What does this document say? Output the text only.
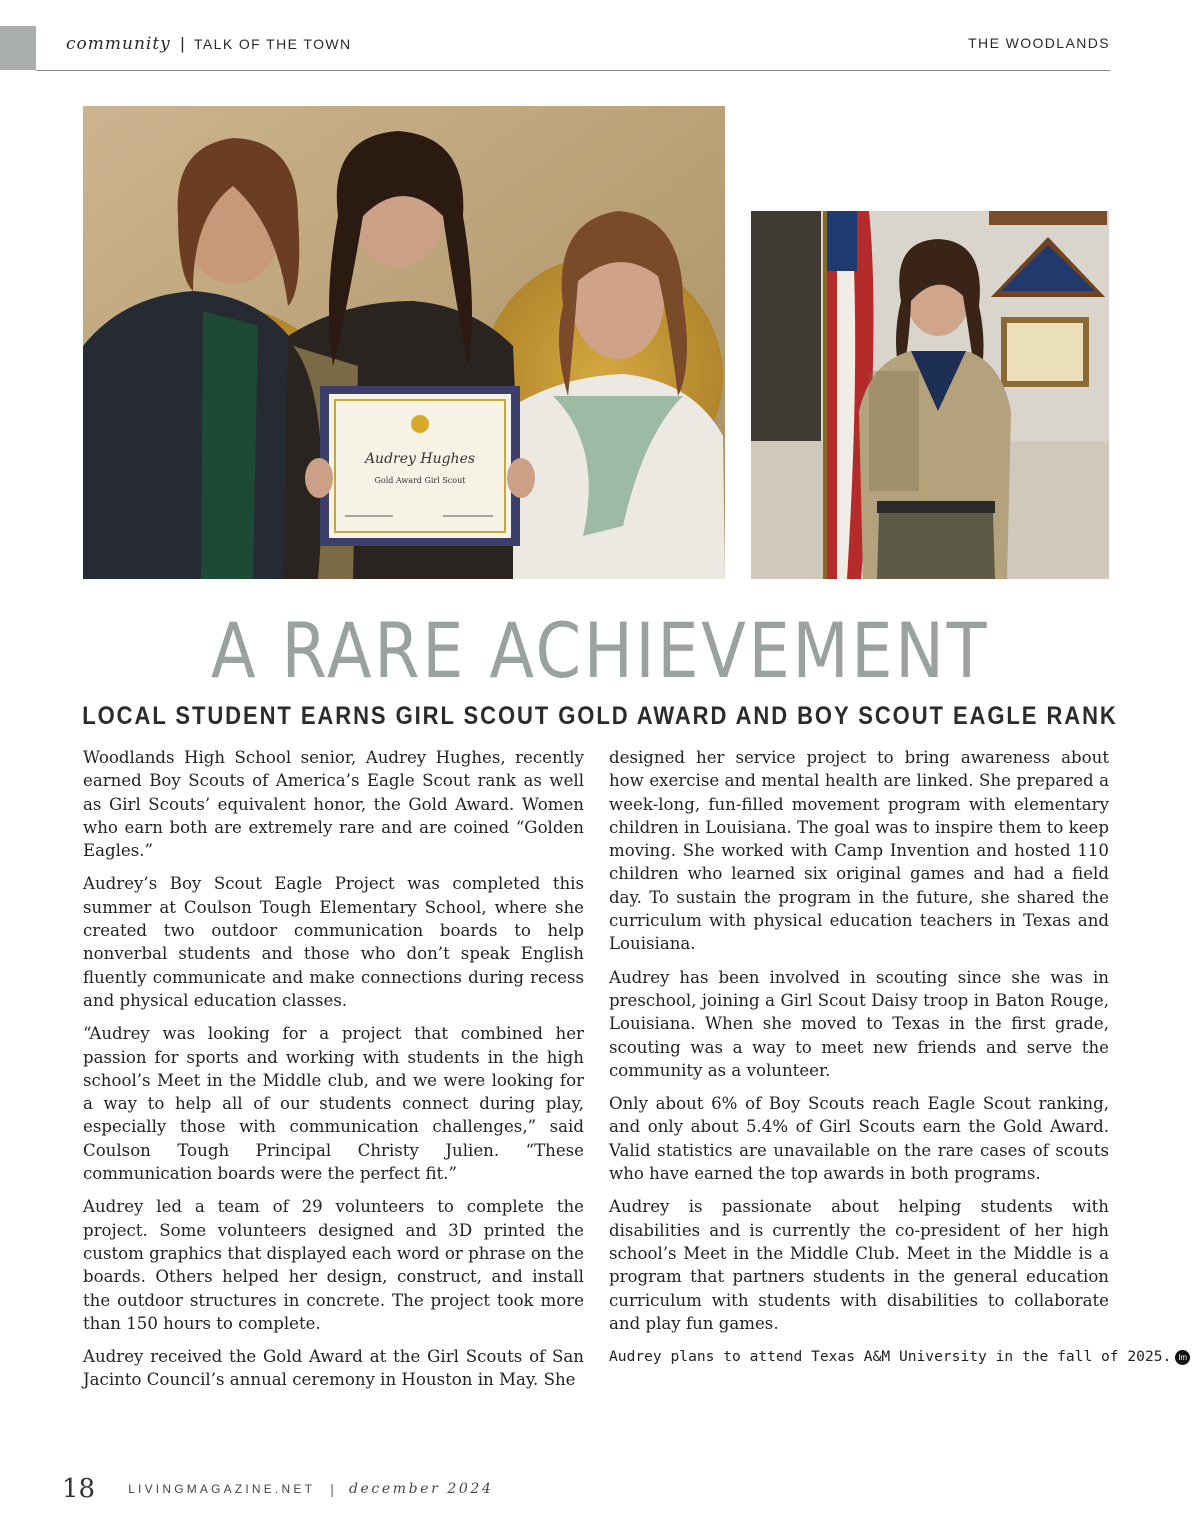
community | TALK OF THE TOWN	THE WOODLANDS
Audrey Hughes
Gold Award Girl Scout
A RARE ACHIEVEMENT
LOCAL STUDENT EARNS GIRL SCOUT GOLD AWARD AND BOY SCOUT EAGLE RANK

Woodlands High School senior, Audrey Hughes, recently earned Boy Scouts of America’s Eagle Scout rank as well as Girl Scouts’ equivalent honor, the Gold Award. Women who earn both are extremely rare and are coined “Golden Eagles.”

Audrey’s Boy Scout Eagle Project was completed this summer at Coulson Tough Elementary School, where she created two outdoor communication boards to help nonverbal students and those who don’t speak English fluently communicate and make connections during recess and physical education classes.

“Audrey was looking for a project that combined her passion for sports and working with students in the high school’s Meet in the Middle club, and we were looking for a way to help all of our students connect during play, especially those with communication challenges,” said Coulson Tough Principal Christy Julien. “These communication boards were the perfect fit.”

Audrey led a team of 29 volunteers to complete the project. Some volunteers designed and 3D printed the custom graphics that displayed each word or phrase on the boards. Others helped her design, construct, and install the outdoor structures in concrete. The project took more than 150 hours to complete.

Audrey received the Gold Award at the Girl Scouts of San Jacinto Council’s annual ceremony in Houston in May. She

designed her service project to bring awareness about how exercise and mental health are linked. She prepared a week-long, fun-filled movement program with elementary children in Louisiana. The goal was to inspire them to keep moving. She worked with Camp Invention and hosted 110 children who learned six original games and had a field day. To sustain the program in the future, she shared the curriculum with physical education teachers in Texas and Louisiana.

Audrey has been involved in scouting since she was in preschool, joining a Girl Scout Daisy troop in Baton Rouge, Louisiana. When she moved to Texas in the first grade, scouting was a way to meet new friends and serve the community as a volunteer.

Only about 6% of Boy Scouts reach Eagle Scout ranking, and only about 5.4% of Girl Scouts earn the Gold Award. Valid statistics are unavailable on the rare cases of scouts who have earned the top awards in both programs.

Audrey is passionate about helping students with disabilities and is currently the co-president of her high school’s Meet in the Middle Club. Meet in the Middle is a program that partners students in the general education curriculum with students with disabilities to collaborate and play fun games.

Audrey plans to attend Texas A&M University in the fall of 2025. lm
18	LIVINGMAGAZINE.NET | december 2024
